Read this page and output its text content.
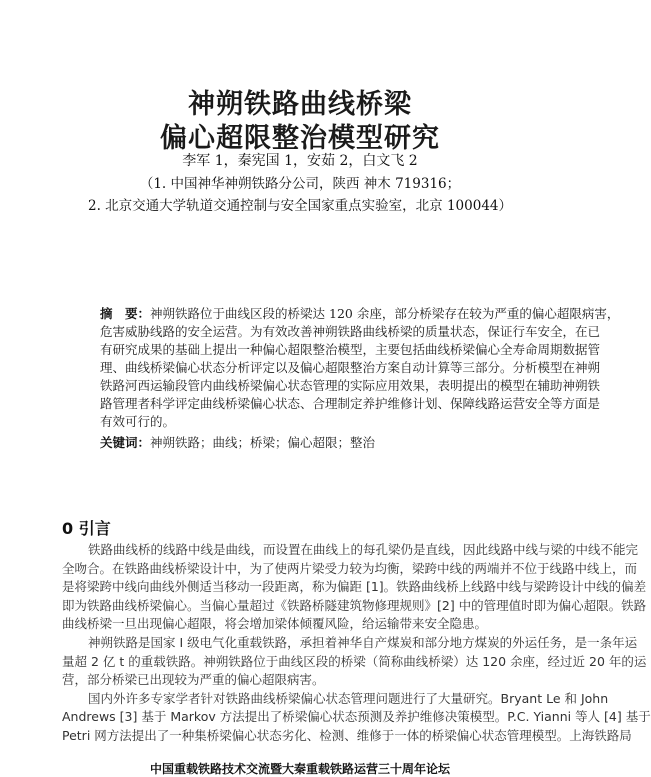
神朔铁路曲线桥梁
偏心超限整治模型研究
李军 1，秦宪国 1，安茹 2，白文飞 2
（1. 中国神华神朔铁路分公司，陕西 神木 719316；
2. 北京交通大学轨道交通控制与安全国家重点实验室，北京 100044）
摘　要：神朔铁路位于曲线区段的桥梁达 120 余座，部分桥梁存在较为严重的偏心超限病害，
危害威胁线路的安全运营。为有效改善神朔铁路曲线桥梁的质量状态，保证行车安全，在已
有研究成果的基础上提出一种偏心超限整治模型，主要包括曲线桥梁偏心全寿命周期数据管
理、曲线桥梁偏心状态分析评定以及偏心超限整治方案自动计算等三部分。分析模型在神朔
铁路河西运输段管内曲线桥梁偏心状态管理的实际应用效果，表明提出的模型在辅助神朔铁
路管理者科学评定曲线桥梁偏心状态、合理制定养护维修计划、保障线路运营安全等方面是
有效可行的。
关键词：神朔铁路；曲线；桥梁；偏心超限；整治
0 引言
铁路曲线桥的线路中线是曲线，而设置在曲线上的每孔梁仍是直线，因此线路中线与梁的中线不能完
全吻合。在铁路曲线桥梁设计中，为了使两片梁受力较为均衡，梁跨中线的两端并不位于线路中线上，而
是将梁跨中线向曲线外侧适当移动一段距离，称为偏距 [1]。铁路曲线桥上线路中线与梁跨设计中线的偏差
即为铁路曲线桥梁偏心。当偏心量超过《铁路桥隧建筑物修理规则》[2] 中的管理值时即为偏心超限。铁路
曲线桥梁一旦出现偏心超限，将会增加梁体倾覆风险，给运输带来安全隐患。
神朔铁路是国家 I 级电气化重载铁路，承担着神华自产煤炭和部分地方煤炭的外运任务，是一条年运
量超 2 亿 t 的重载铁路。神朔铁路位于曲线区段的桥梁（简称曲线桥梁）达 120 余座，经过近 20 年的运
营，部分桥梁已出现较为严重的偏心超限病害。
国内外许多专家学者针对铁路曲线桥梁偏心状态管理问题进行了大量研究。Bryant Le 和 John
Andrews [3] 基于 Markov 方法提出了桥梁偏心状态预测及养护维修决策模型。P.C. Yianni 等人 [4] 基于
Petri 网方法提出了一种集桥梁偏心状态劣化、检测、维修于一体的桥梁偏心状态管理模型。上海铁路局
中国重载铁路技术交流暨大秦重载铁路运营三十周年论坛
